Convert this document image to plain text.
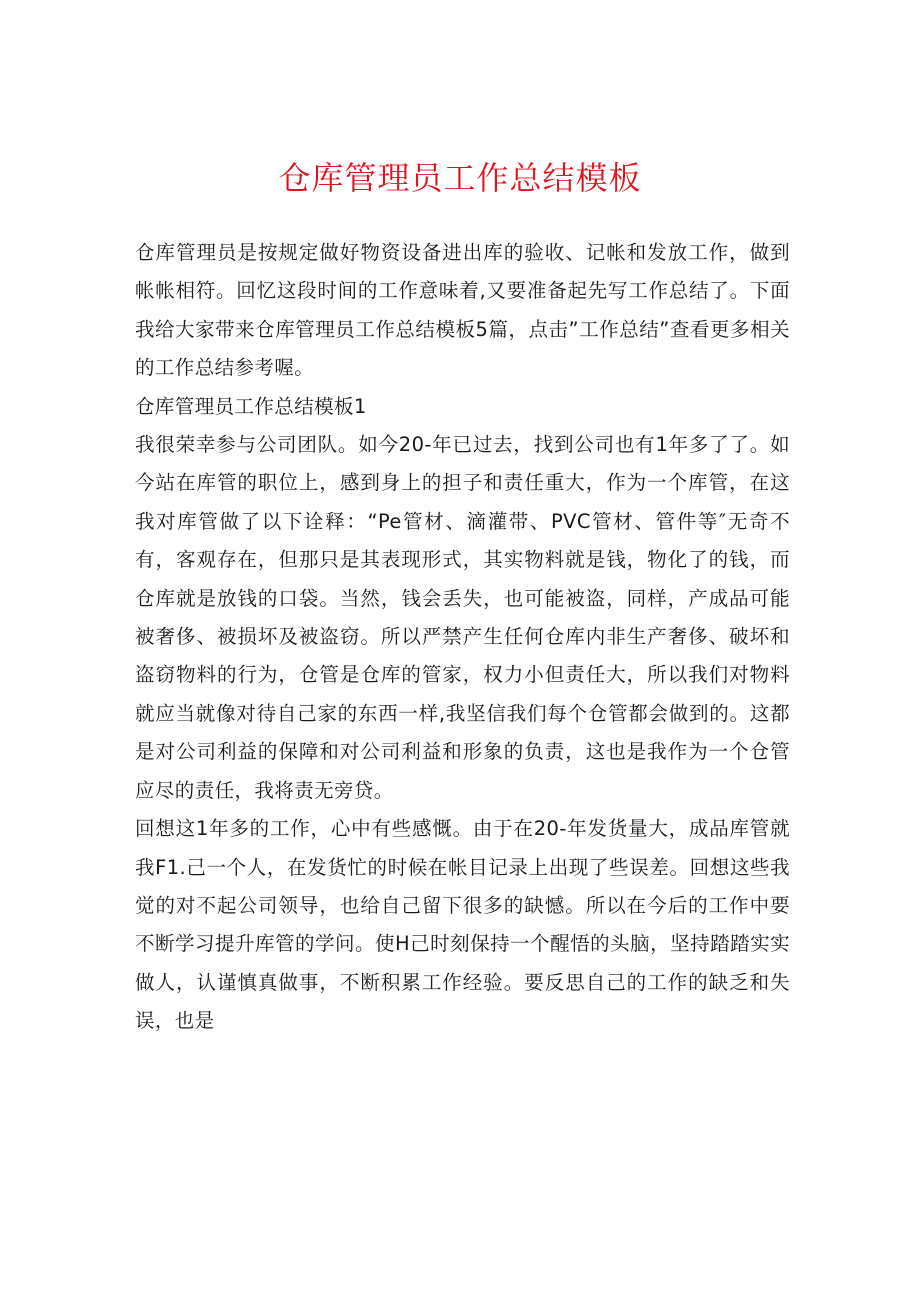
仓库管理员工作总结模板

仓库管理员是按规定做好物资设备进出库的验收、记帐和发放工作，做到帐帐相符。回忆这段时间的工作意味着,又要准备起先写工作总结了。下面我给大家带来仓库管理员工作总结模板5篇，点击”工作总结”查看更多相关的工作总结参考喔。

仓库管理员工作总结模板1

我很荣幸参与公司团队。如今20-年已过去，找到公司也有1年多了了。如今站在库管的职位上，感到身上的担子和责任重大，作为一个库管，在这我对库管做了以下诠释：“Pe管材、滴灌带、PVC管材、管件等″无奇不有，客观存在，但那只是其表现形式，其实物料就是钱，物化了的钱，而仓库就是放钱的口袋。当然，钱会丢失，也可能被盗，同样，产成品可能被奢侈、被损坏及被盗窃。所以严禁产生任何仓库内非生产奢侈、破坏和盗窃物料的行为，仓管是仓库的管家，权力小但责任大，所以我们对物料就应当就像对待自己家的东西一样,我坚信我们每个仓管都会做到的。这都是对公司利益的保障和对公司利益和形象的负责，这也是我作为一个仓管应尽的责任，我将责无旁贷。

回想这1年多的工作，心中有些感慨。由于在20-年发货量大，成品库管就我F1.己一个人，在发货忙的时候在帐目记录上出现了些误差。回想这些我觉的对不起公司领导，也给自己留下很多的缺憾。所以在今后的工作中要不断学习提升库管的学问。使H己时刻保持一个醒悟的头脑，坚持踏踏实实做人，认谨慎真做事，不断积累工作经验。要反思自己的工作的缺乏和失误，也是
